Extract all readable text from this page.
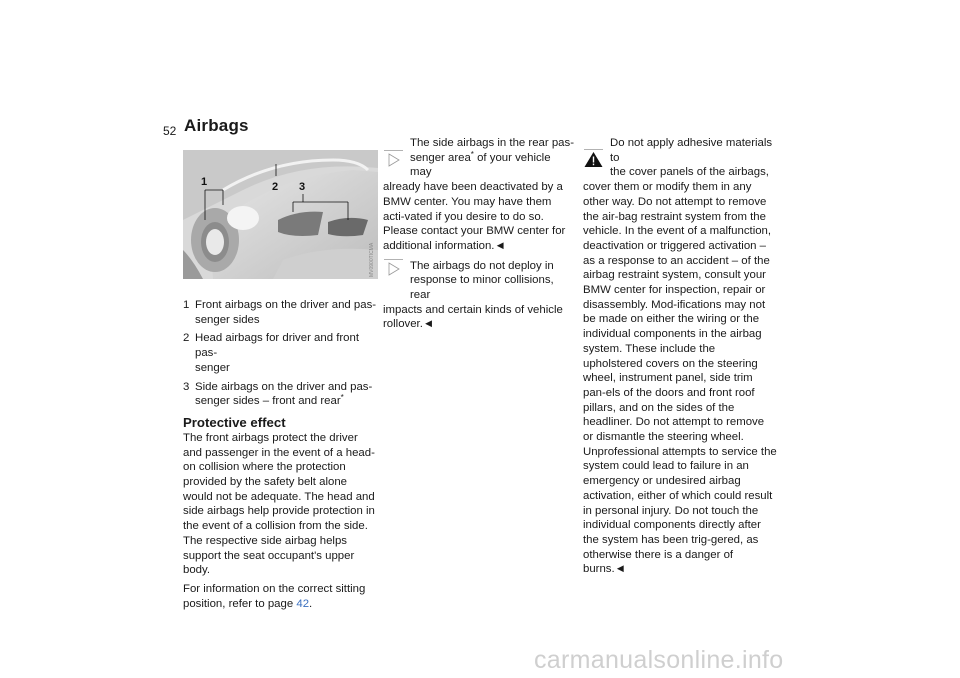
52 Airbags
1	2 3
MV0900TICMA
1 Front airbags on the driver and pas-
senger sides
2 Head airbags for driver and front pas-
senger
3 Side airbags on the driver and pas-
senger sides – front and rear*
Protective effect

The front airbags protect the driver and passenger in the event of a head-on collision where the protection provided by the safety belt alone would not be adequate. The head and side airbags help provide protection in the event of a collision from the side. The respective side airbag helps support the seat occupant's upper body.

For information on the correct sitting position, refer to page 42.

The side airbags in the rear pas-

senger area* of your vehicle may

already have been deactivated by a BMW center. You may have them acti-vated if you desire to do so. Please contact your BMW center for additional information.◄

The airbags do not deploy in

response to minor collisions, rear

impacts and certain kinds of vehicle rollover.◄

Do not apply adhesive materials to

the cover panels of the airbags,

cover them or modify them in any other way. Do not attempt to remove the air-bag restraint system from the vehicle. In the event of a malfunction, deactivation or triggered activation – as a response to an accident – of the airbag restraint system, consult your BMW center for inspection, repair or disassembly. Mod-ifications may not be made on either the wiring or the individual components in the airbag system. These include the upholstered covers on the steering wheel, instrument panel, side trim pan-els of the doors and front roof pillars, and on the sides of the headliner. Do not attempt to remove or dismantle the steering wheel. Unprofessional attempts to service the system could lead to failure in an emergency or undesired airbag activation, either of which could result in personal injury. Do not touch the individual components directly after the system has been trig-gered, as otherwise there is a danger of burns.◄

carmanualsonline.info
